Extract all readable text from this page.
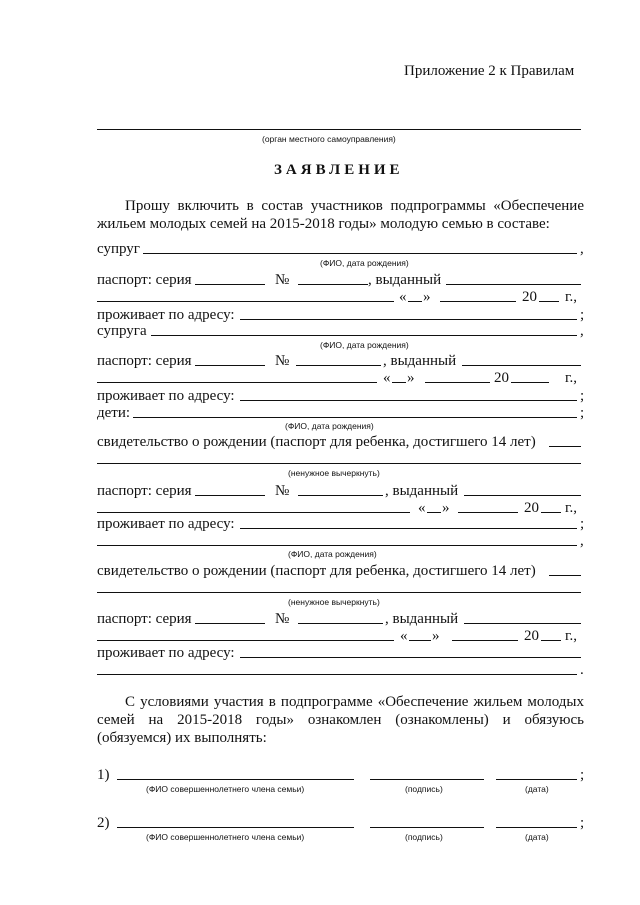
Приложение 2 к Правилам
(орган местного самоуправления)
ЗАЯВЛЕНИЕ
Прошу включить в состав участников подпрограммы «Обеспечение жильем молодых семей на 2015-2018 годы» молодую семью в составе:
супруг	,
(ФИО, дата рождения)
паспорт: серия	№	, выданный
« »	20 г.,
проживает по адресу:	;
супруга	,
(ФИО, дата рождения)
паспорт: серия	№	, выданный
« »	20	г.,
проживает по адресу:	;
дети:	;
(ФИО, дата рождения)
свидетельство о рождении (паспорт для ребенка, достигшего 14 лет)
(ненужное вычеркнуть)
паспорт: серия	№	, выданный
« »	20 г.,
проживает по адресу:	;
,
(ФИО, дата рождения)
свидетельство о рождении (паспорт для ребенка, достигшего 14 лет)
(ненужное вычеркнуть)
паспорт: серия	№	, выданный
« »	20 г.,
проживает по адресу:
.
С условиями участия в подпрограмме «Обеспечение жильем молодых семей на 2015-2018 годы» ознакомлен (ознакомлены) и обязуюсь (обязуемся) их выполнять:
1)	;
(ФИО совершеннолетнего члена семьи)	(подпись)	(дата)
2)	;
(ФИО совершеннолетнего члена семьи)	(подпись)	(дата)
